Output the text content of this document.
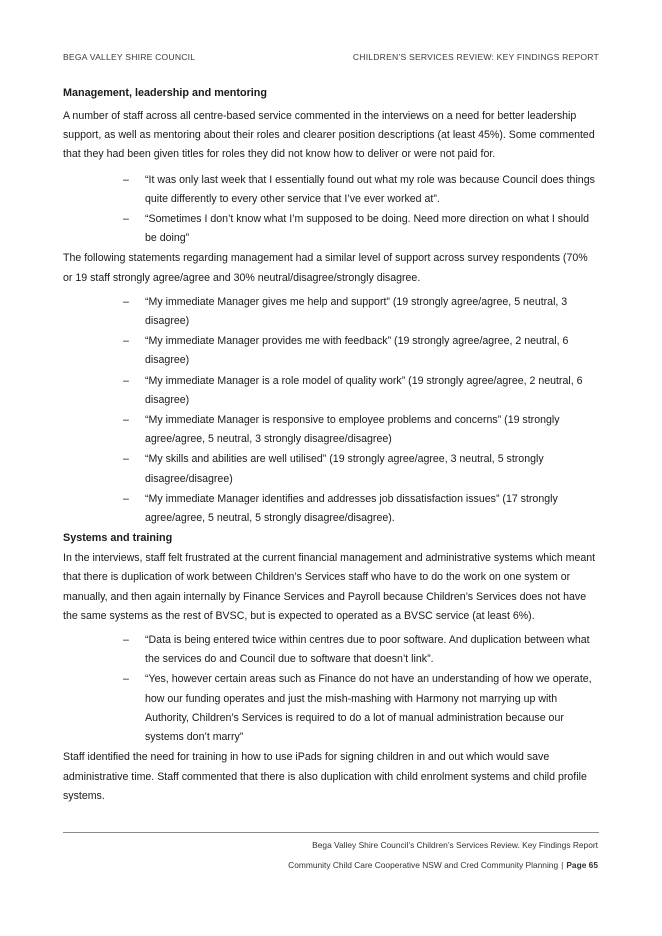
BEGA VALLEY SHIRE COUNCIL	CHILDREN’S SERVICES REVIEW: KEY FINDINGS REPORT
Management, leadership and mentoring

A number of staff across all centre-based service commented in the interviews on a need for better leadership support, as well as mentoring about their roles and clearer position descriptions (at least 45%). Some commented that they had been given titles for roles they did not know how to deliver or were not paid for.

– “It was only last week that I essentially found out what my role was because Council does things quite differently to every other service that I’ve ever worked at”.
– “Sometimes I don’t know what I’m supposed to be doing. Need more direction on what I should be doing”

The following statements regarding management had a similar level of support across survey respondents (70% or 19 staff strongly agree/agree and 30% neutral/disagree/strongly disagree.

– “My immediate Manager gives me help and support” (19 strongly agree/agree, 5 neutral, 3 disagree)
– “My immediate Manager provides me with feedback” (19 strongly agree/agree, 2 neutral, 6 disagree)
– “My immediate Manager is a role model of quality work” (19 strongly agree/agree, 2 neutral, 6 disagree)
– “My immediate Manager is responsive to employee problems and concerns” (19 strongly agree/agree, 5 neutral, 3 strongly disagree/disagree)
– “My skills and abilities are well utilised” (19 strongly agree/agree, 3 neutral, 5 strongly disagree/disagree)
– “My immediate Manager identifies and addresses job dissatisfaction issues” (17 strongly agree/agree, 5 neutral, 5 strongly disagree/disagree).
Systems and training

In the interviews, staff felt frustrated at the current financial management and administrative systems which meant that there is duplication of work between Children’s Services staff who have to do the work on one system or manually, and then again internally by Finance Services and Payroll because Children’s Services does not have the same systems as the rest of BVSC, but is expected to operated as a BVSC service (at least 6%).

– “Data is being entered twice within centres due to poor software. And duplication between what the services do and Council due to software that doesn’t link”.
– “Yes, however certain areas such as Finance do not have an understanding of how we operate, how our funding operates and just the mish-mashing with Harmony not marrying up with Authority, Children’s Services is required to do a lot of manual administration because our systems don’t marry”

Staff identified the need for training in how to use iPads for signing children in and out which would save administrative time. Staff commented that there is also duplication with child enrolment systems and child profile systems.

Bega Valley Shire Council’s Children’s Services Review. Key Findings Report
Community Child Care Cooperative NSW and Cred Community Planning | Page 65
